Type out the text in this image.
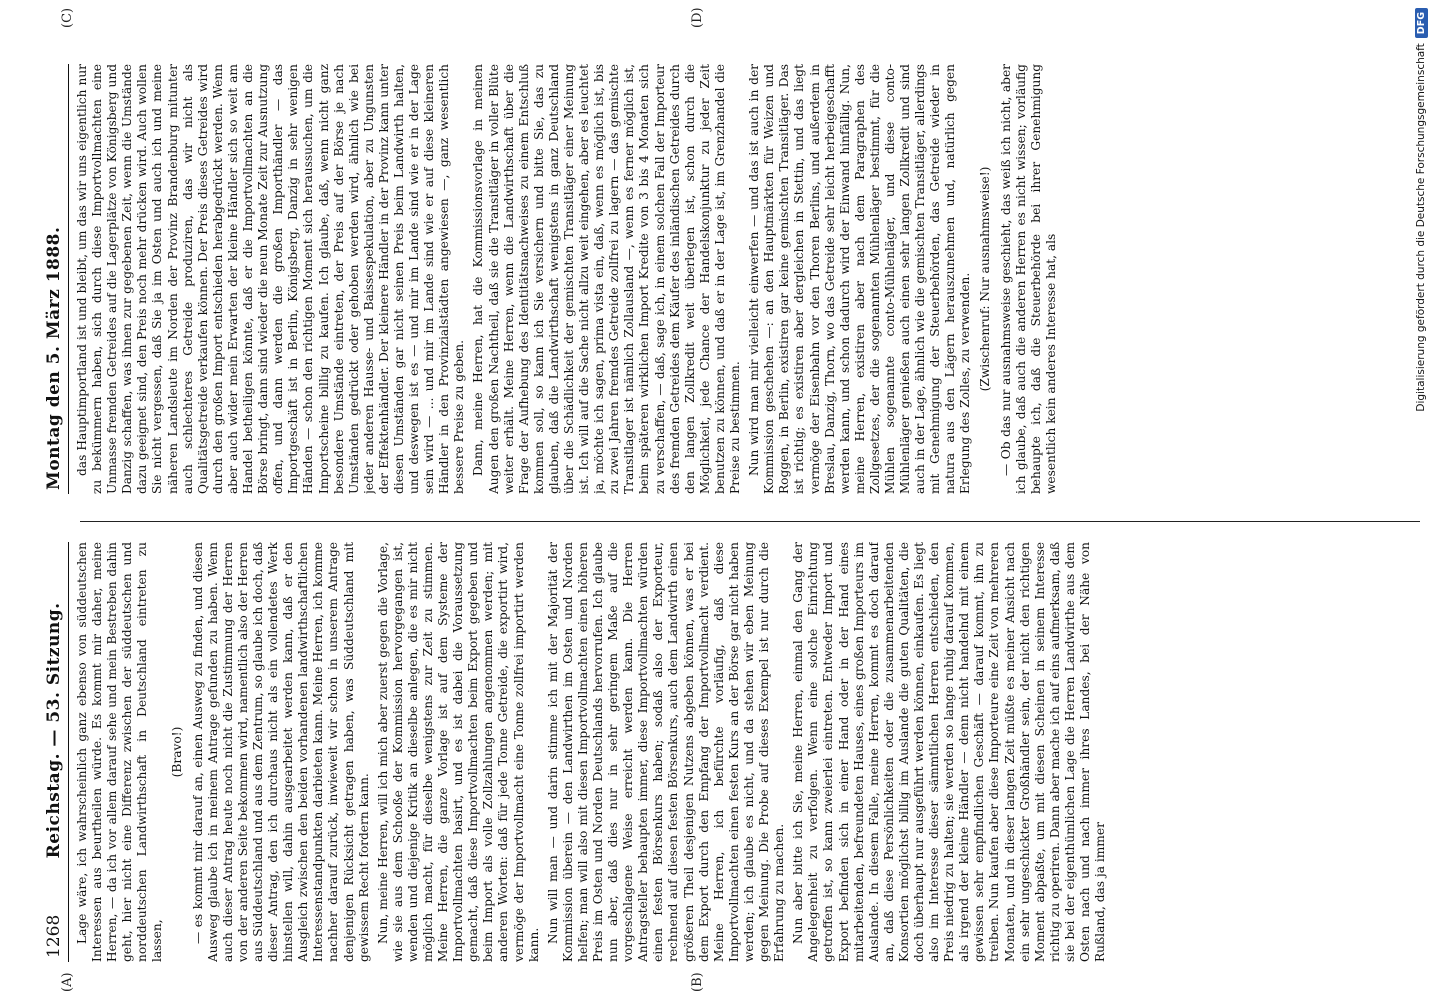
(A)	(B)
(C)	(D)
1268
Reichstag. — 53. Sitzung. Lage wäre, ich wahrscheinlich ganz ebenso von süddeutschen Interessen aus beurtheilen würde. Es kommt mir daher, meine Herren, — da ich vor allem darauf sehe und mein Bestreben dahin geht, hier nicht eine Differenz zwischen der süddeutschen und norddeutschen Landwirthschaft in Deutschland eintreten zu lassen,

(Bravo!) — es kommt mir darauf an, einen Ausweg zu finden, und diesen Ausweg glaube ich in meinem Antrage gefunden zu haben. Wenn auch dieser Antrag heute noch nicht die Zustimmung der Herren von der anderen Seite bekommen wird, namentlich also der Herren aus Süddeutschland und aus dem Zentrum, so glaube ich doch, daß dieser Antrag, den ich durchaus nicht als ein vollendetes Werk hinstellen will, dahin ausgearbeitet werden kann, daß er den Ausgleich zwischen den beiden vorhandenen landwirthschaftlichen Interessenstandpunkten darbieten kann. Meine Herren, ich komme nachher darauf zurück, inwieweit wir schon in unserem Antrage denjenigen Rücksicht getragen haben, was Süddeutschland mit gewissem Recht fordern kann. Nun, meine Herren, will ich mich aber zuerst gegen die Vorlage, wie sie aus dem Schooße der Kommission hervorgegangen ist, wenden und diejenige Kritik an dieselbe anlegen, die es mir nicht möglich macht, für dieselbe wenigstens zur Zeit zu stimmen. Meine Herren, die ganze Vorlage ist auf dem Systeme der Importvollmachten basirt, und es ist dabei die Voraussetzung gemacht, daß diese Importvollmachten beim Export gegeben und beim Import als volle Zollzahlungen angenommen werden; mit anderen Worten: daß für jede Tonne Getreide, die exportirt wird, vermöge der Importvollmacht eine Tonne zollfrei importirt werden kann.

Nun will man — und darin stimme ich mit der Majorität der Kommission überein — den Landwirthen im Osten und Norden helfen; man will also mit diesen Importvollmachten einen höheren Preis im Osten und Norden Deutschlands hervorrufen. Ich glaube nun aber, daß dies nur in sehr geringem Maße auf die vorgeschlagene Weise erreicht werden kann. Die Herren Antragsteller behaupten immer, diese Importvollmachten würden einen festen Börsenkurs haben; sodaß also der Exporteur, rechnend auf diesen festen Börsenkurs, auch dem Landwirth einen größeren Theil desjenigen Nutzens abgeben können, was er bei dem Export durch den Empfang der Importvollmacht verdient. Meine Herren, ich befürchte vorläufig, daß diese Importvollmachten einen festen Kurs an der Börse gar nicht haben werden; ich glaube es nicht, und da stehen wir eben Meinung gegen Meinung. Die Probe auf dieses Exempel ist nur durch die Erfahrung zu machen. Nun aber bitte ich Sie, meine Herren, einmal den Gang der Angelegenheit zu verfolgen. Wenn eine solche Einrichtung getroffen ist, so kann zweierlei eintreten. Entweder Import und Export befinden sich in einer Hand oder in der Hand eines mitarbeitenden, befreundeten Hauses, eines großen Importeurs im Auslande. In diesem Falle, meine Herren, kommt es doch darauf an, daß diese Persönlichkeiten oder die zusammenarbeitenden Konsortien möglichst billig im Auslande die guten Qualitäten, die doch überhaupt nur ausgeführt werden können, einkaufen. Es liegt also im Interesse dieser sämmtlichen Herren entschieden, den Preis niedrig zu halten; sie werden so lange ruhig darauf kommen, als irgend der kleine Händler — denn nicht handelnd mit einem gewissen sehr empfindlichen Geschäft — darauf kommt, ihn zu treiben. Nun kaufen aber diese Importeure eine Zeit von mehreren Monaten, und in dieser langen Zeit müßte es meiner Ansicht nach ein sehr ungeschickter Großhändler sein, der nicht den richtigen Moment abpaßte, um mit diesen Scheinen in seinem Interesse richtig zu operiren. Dann aber mache ich auf eins aufmerksam, daß sie bei der eigenthümlichen Lage die Herren Landwirthe aus dem Osten nach und nach immer ihres Landes, bei der Nähe von Rußland, das ja immer

Montag den 5. März 1888. das Hauptimportland ist und bleibt, um das wir uns eigentlich nur zu bekümmern haben, sich durch diese Importvollmachten eine Unmasse fremden Getreides auf die Lagerplätze von Königsberg und Danzig schaffen, was ihnen zur gegebenen Zeit, wenn die Umstände dazu geeignet sind, den Preis noch mehr drücken wird. Auch wollen Sie nicht vergessen, daß Sie ja im Osten und auch ich und meine näheren Landsleute im Norden der Provinz Brandenburg mitunter auch schlechteres Getreide produziren, das wir nicht als Qualitätsgetreide verkaufen können. Der Preis dieses Getreides wird durch den großen Import entschieden herabgedrückt werden. Wenn aber auch wider mein Erwarten der kleine Händler sich so weit am Handel betheiligen könnte, daß er die Importvollmachten an die Börse bringt, dann sind wieder die neun Monate Zeit zur Ausnutzung offen, und dann werden die großen Importhändler — das Importgeschäft ist in Berlin, Königsberg, Danzig in sehr wenigen Händen — schon den richtigen Moment sich heraussuchen, um die Importscheine billig zu kaufen. Ich glaube, daß, wenn nicht ganz besondere Umstände eintreten, der Preis auf der Börse je nach Umständen gedrückt oder gehoben werden wird, ähnlich wie bei jeder anderen Hausse- und Baissespekulation, aber zu Ungunsten der Effektenhändler. Der kleinere Händler in der Provinz kann unter diesen Umständen gar nicht seinen Preis beim Landwirth halten, und deswegen ist es — und mir im Lande sind wie er in der Lage sein wird — ... und mir im Lande sind wie er auf diese kleineren Händler in den Provinzialstädten angewiesen —, ganz wesentlich bessere Preise zu geben. Dann, meine Herren, hat die Kommissionsvorlage in meinen Augen den großen Nachtheil, daß sie die Transitläger in voller Blüte weiter erhält. Meine Herren, wenn die Landwirthschaft über die Frage der Aufhebung des Identitätsnachweises zu einem Entschluß kommen soll, so kann ich Sie versichern und bitte Sie, das zu glauben, daß die Landwirthschaft wenigstens in ganz Deutschland über die Schädlichkeit der gemischten Transitläger einer Meinung ist. Ich will auf die Sache nicht allzu weit eingehen, aber es leuchtet ja, möchte ich sagen, prima vista ein, daß, wenn es möglich ist, bis zu zwei Jahren fremdes Getreide zollfrei zu lagern — das gemischte Transitlager ist nämlich Zollausland —, wenn es ferner möglich ist, beim späteren wirklichen Import Kredite von 3 bis 4 Monaten sich zu verschaffen, — daß, sage ich, in einem solchen Fall der Importeur des fremden Getreides dem Käufer des inländischen Getreides durch den langen Zollkredit weit überlegen ist, schon durch die Möglichkeit, jede Chance der Handelskonjunktur zu jeder Zeit benutzen zu können, und daß er in der Lage ist, im Grenzhandel die Preise zu bestimmen. Nun wird man mir vielleicht einwerfen — und das ist auch in der Kommission geschehen —: an den Hauptmärkten für Weizen und Roggen, in Berlin, existiren gar keine gemischten Transitläger. Das ist richtig; es existiren aber dergleichen in Stettin, und das liegt vermöge der Eisenbahn vor den Thoren Berlins, und außerdem in Breslau, Danzig, Thorn, wo das Getreide sehr leicht herbeigeschafft werden kann, und schon dadurch wird der Einwand hinfällig. Nun, meine Herren, existiren aber nach dem Paragraphen des Zollgesetzes, der die sogenannten Mühlenläger bestimmt, für die Mühlen sogenannte conto-Mühlenläger, und diese conto-Mühlenläger genießen auch einen sehr langen Zollkredit und sind auch in der Lage, ähnlich wie die gemischten Transitläger, allerdings mit Genehmigung der Steuerbehörden, das Getreide wieder in natura aus den Lägern herauszunehmen und, natürlich gegen Erlegung des Zolles, zu verwenden. (Zwischenruf: Nur ausnahmsweise!) — Ob das nur ausnahmsweise geschieht, das weiß ich nicht, aber ich glaube, daß auch die anderen Herren es nicht wissen; vorläufig behaupte ich, daß die Steuerbehörde bei ihrer Genehmigung wesentlich kein anderes Interesse hat, als	Digitalisierung gefördert durch die Deutsche Forschungsgemeinschaft
DFG
